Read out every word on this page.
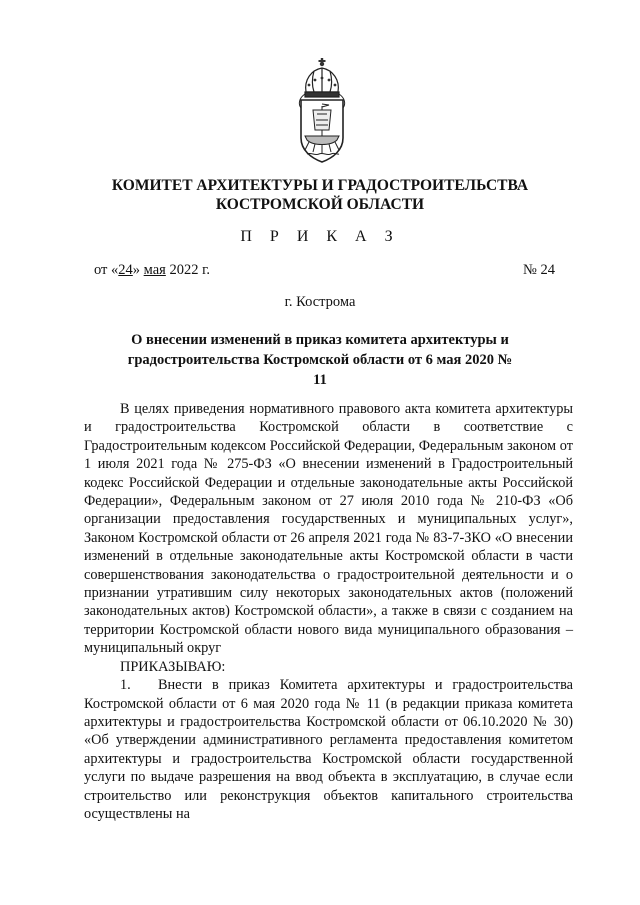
КОМИТЕТ АРХИТЕКТУРЫ И ГРАДОСТРОИТЕЛЬСТВА
КОСТРОМСКОЙ ОБЛАСТИ
П Р И К А З
от «24» мая 2022 г.	№ 24
г. Кострома
О внесении изменений в приказ комитета архитектуры и
градостроительства Костромской области от 6 мая 2020 № 11

В целях приведения нормативного правового акта комитета архитектуры и градостроительства Костромской области в соответствие с Градостроительным кодексом Российской Федерации, Федеральным законом от 1 июля 2021 года № 275-ФЗ «О внесении изменений в Градостроительный кодекс Российской Федерации и отдельные законодательные акты Российской Федерации», Федеральным законом от 27 июля 2010 года № 210-ФЗ «Об организации предоставления государственных и муниципальных услуг», Законом Костромской области от 26 апреля 2021 года № 83-7-ЗКО «О внесении изменений в отдельные законодательные акты Костромской области в части совершенствования законодательства о градостроительной деятельности и о признании утратившим силу некоторых законодательных актов (положений законодательных актов) Костромской области», а также в связи с созданием на территории Костромской области нового вида муниципального образования – муниципальный округ

ПРИКАЗЫВАЮ:

1. Внести в приказ Комитета архитектуры и градостроительства Костромской области от 6 мая 2020 года № 11 (в редакции приказа комитета архитектуры и градостроительства Костромской области от 06.10.2020 № 30) «Об утверждении административного регламента предоставления комитетом архитектуры и градостроительства Костромской области государственной услуги по выдаче разрешения на ввод объекта в эксплуатацию, в случае если строительство или реконструкция объектов капитального строительства осуществлены на
